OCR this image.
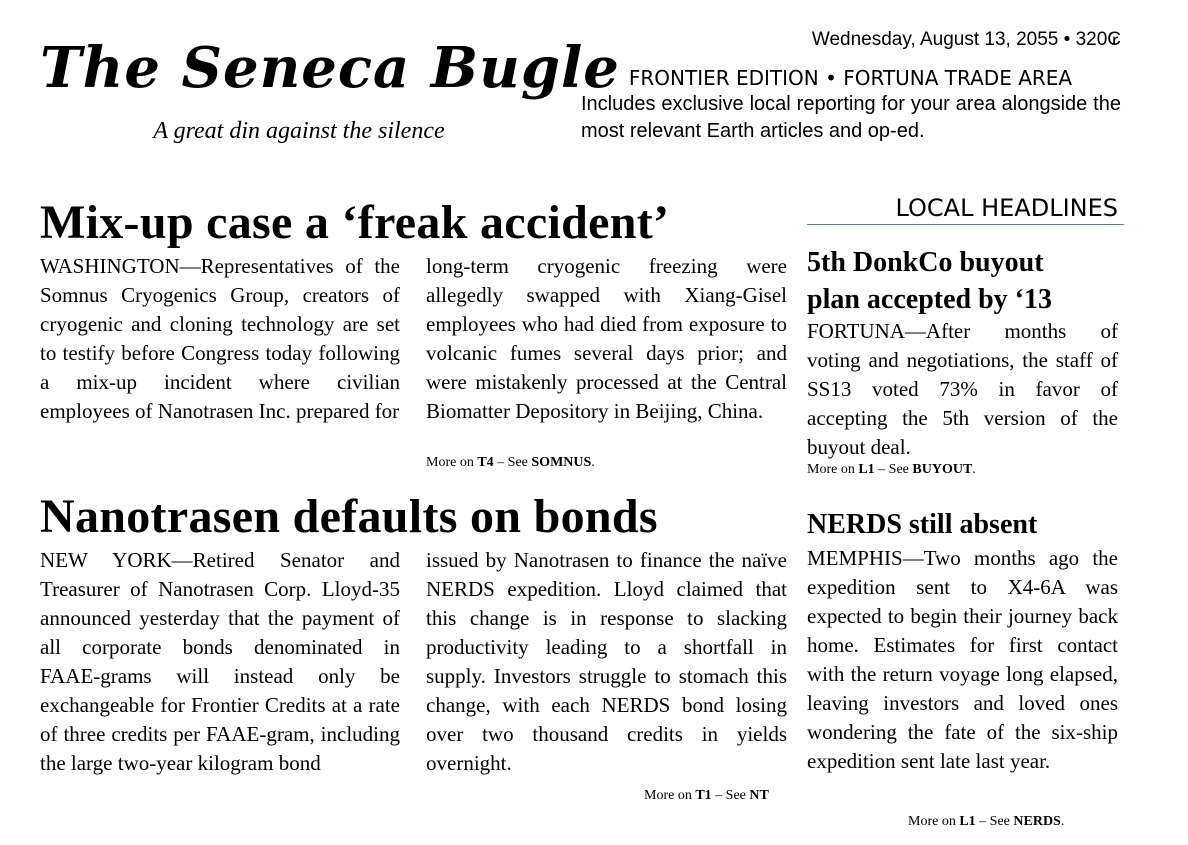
The Seneca Bugle
A great din against the silence
Wednesday, August 13, 2055 • 320₢
FRONTIER EDITION • FORTUNA TRADE AREA
Includes exclusive local reporting for your area alongside the most relevant Earth articles and op-ed.
Mix-up case a ‘freak accident’
WASHINGTON—Representatives of the Somnus Cryogenics Group, creators of cryogenic and cloning technology are set to testify before Congress today following a mix-up incident where civilian employees of Nanotrasen Inc. prepared for
long-term cryogenic freezing were allegedly swapped with Xiang-Gisel employees who had died from exposure to volcanic fumes several days prior; and were mistakenly processed at the Central Biomatter Depository in Beijing, China.
More on T4 – See SOMNUS.
Nanotrasen defaults on bonds
NEW YORK—Retired Senator and Treasurer of Nanotrasen Corp. Lloyd-35 announced yesterday that the payment of all corporate bonds denominated in FAAE-grams will instead only be exchangeable for Frontier Credits at a rate of three credits per FAAE-gram, including the large two-year kilogram bond
issued by Nanotrasen to finance the naïve NERDS expedition. Lloyd claimed that this change is in response to slacking productivity leading to a shortfall in supply. Investors struggle to stomach this change, with each NERDS bond losing over two thousand credits in yields overnight.
More on T1 – See NT
LOCAL HEADLINES
5th DonkCo buyout
plan accepted by ‘13
FORTUNA—After months of voting and negotiations, the staff of SS13 voted 73% in favor of accepting the 5th version of the buyout deal.
More on L1 – See BUYOUT.
NERDS still absent
MEMPHIS—Two months ago the expedition sent to X4-6A was expected to begin their journey back home. Estimates for first contact with the return voyage long elapsed, leaving investors and loved ones wondering the fate of the six-ship expedition sent late last year.
More on L1 – See NERDS.
